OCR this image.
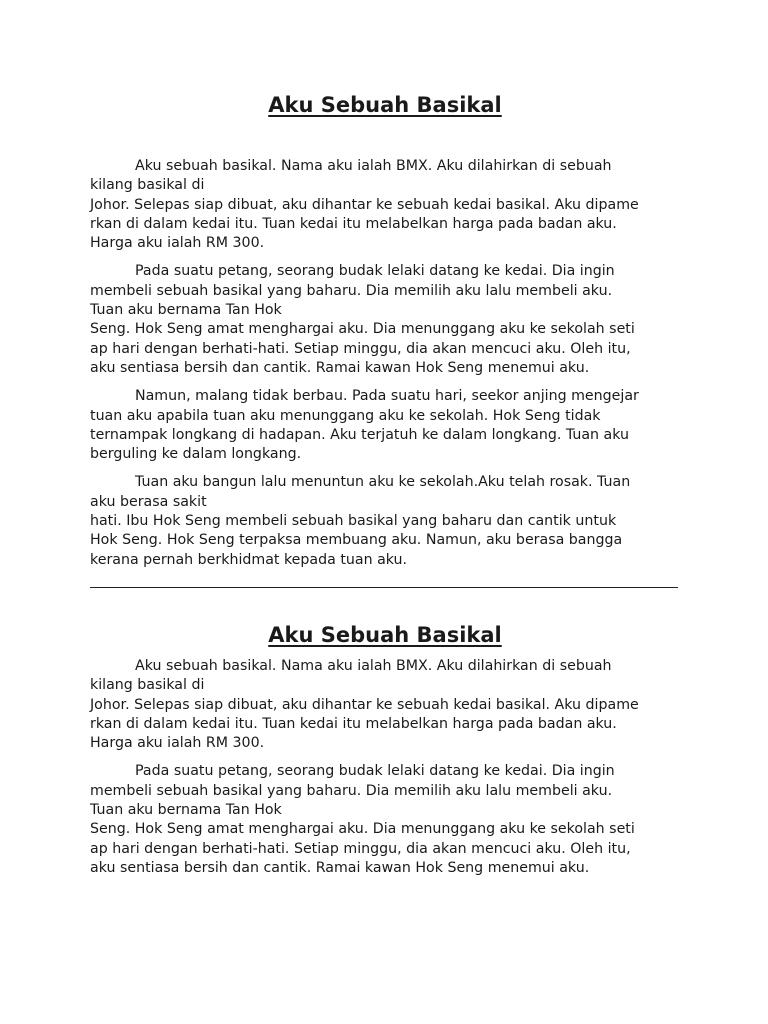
Aku Sebuah Basikal

Aku sebuah basikal. Nama aku ialah BMX. Aku dilahirkan di sebuah
kilang basikal di
Johor. Selepas siap dibuat, aku dihantar ke sebuah kedai basikal. Aku dipame
rkan di dalam kedai itu. Tuan kedai itu melabelkan harga pada badan aku.
Harga aku ialah RM 300.

Pada suatu petang, seorang budak lelaki datang ke kedai. Dia ingin
membeli sebuah basikal yang baharu. Dia memilih aku lalu membeli aku.
Tuan aku bernama Tan Hok
Seng. Hok Seng amat menghargai aku. Dia menunggang aku ke sekolah seti
ap hari dengan berhati-hati. Setiap minggu, dia akan mencuci aku. Oleh itu,
aku sentiasa bersih dan cantik. Ramai kawan Hok Seng menemui aku.

Namun, malang tidak berbau. Pada suatu hari, seekor anjing mengejar
tuan aku apabila tuan aku menunggang aku ke sekolah. Hok Seng tidak
ternampak longkang di hadapan. Aku terjatuh ke dalam longkang. Tuan aku
berguling ke dalam longkang.

Tuan aku bangun lalu menuntun aku ke sekolah.Aku telah rosak. Tuan
aku berasa sakit
hati. Ibu Hok Seng membeli sebuah basikal yang baharu dan cantik untuk
Hok Seng. Hok Seng terpaksa membuang aku. Namun, aku berasa bangga
kerana pernah berkhidmat kepada tuan aku.

Aku Sebuah Basikal

Aku sebuah basikal. Nama aku ialah BMX. Aku dilahirkan di sebuah
kilang basikal di
Johor. Selepas siap dibuat, aku dihantar ke sebuah kedai basikal. Aku dipame
rkan di dalam kedai itu. Tuan kedai itu melabelkan harga pada badan aku.
Harga aku ialah RM 300.

Pada suatu petang, seorang budak lelaki datang ke kedai. Dia ingin
membeli sebuah basikal yang baharu. Dia memilih aku lalu membeli aku.
Tuan aku bernama Tan Hok
Seng. Hok Seng amat menghargai aku. Dia menunggang aku ke sekolah seti
ap hari dengan berhati-hati. Setiap minggu, dia akan mencuci aku. Oleh itu,
aku sentiasa bersih dan cantik. Ramai kawan Hok Seng menemui aku.
